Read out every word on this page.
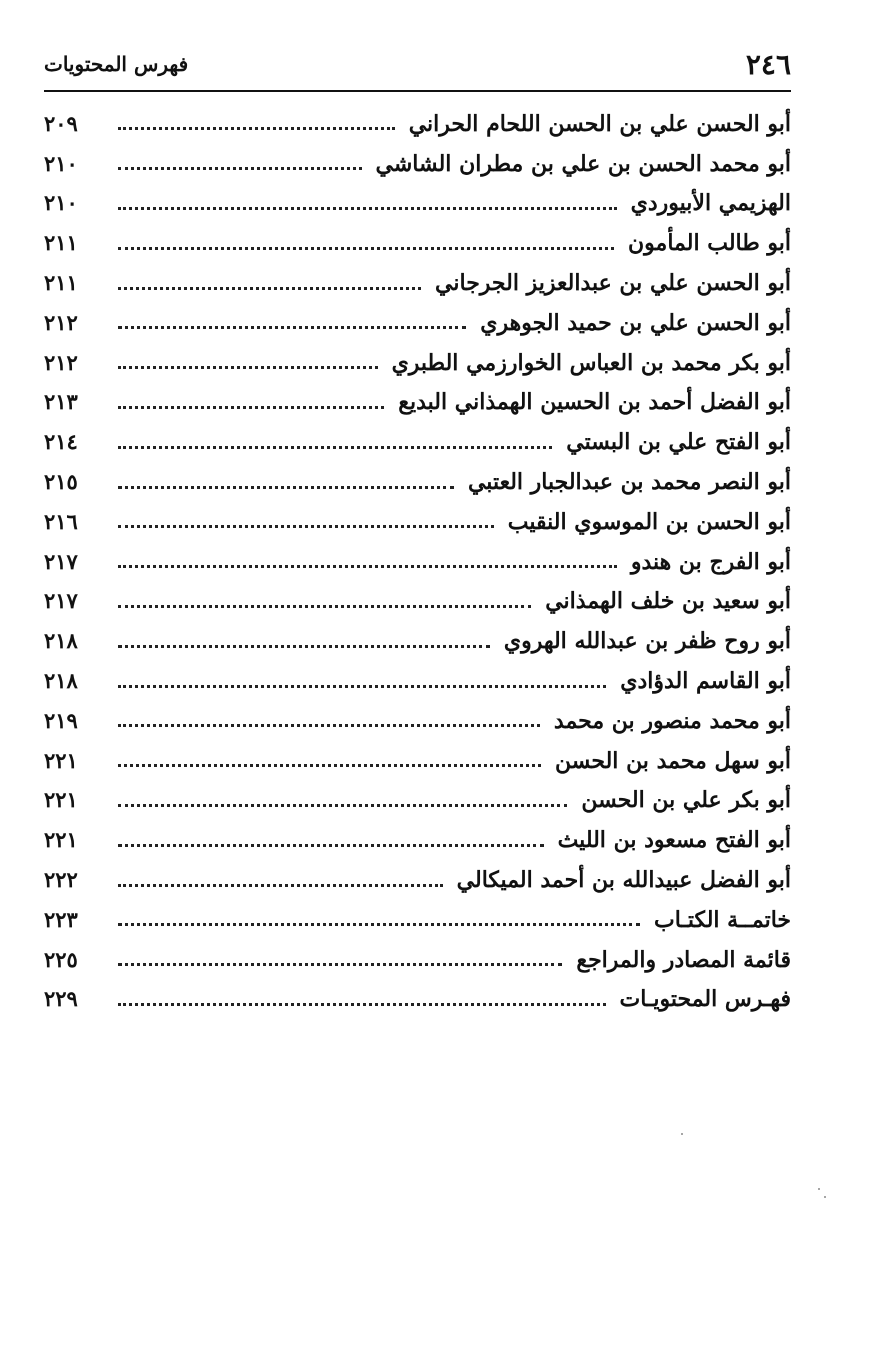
٢٤٦
فهرس المحتويات
أبو الحسن علي بن الحسن اللحام الحراني
٢٠٩
أبو محمد الحسن بن علي بن مطران الشاشي
٢١٠
الهزيمي الأبيوردي
٢١٠
أبو طالب المأمون
٢١١
أبو الحسن علي بن عبدالعزيز الجرجاني
٢١١
أبو الحسن علي بن حميد الجوهري
٢١٢
أبو بكر محمد بن العباس الخوارزمي الطبري
٢١٢
أبو الفضل أحمد بن الحسين الهمذاني البديع
٢١٣
أبو الفتح علي بن البستي
٢١٤
أبو النصر محمد بن عبدالجبار العتبي
٢١٥
أبو الحسن بن الموسوي النقيب
٢١٦
أبو الفرج بن هندو
٢١٧
أبو سعيد بن خلف الهمذاني
٢١٧
أبو روح ظفر بن عبدالله الهروي
٢١٨
أبو القاسم الدؤادي
٢١٨
أبو محمد منصور بن محمد
٢١٩
أبو سهل محمد بن الحسن
٢٢١
أبو بكر علي بن الحسن
٢٢١
أبو الفتح مسعود بن الليث
٢٢١
أبو الفضل عبيدالله بن أحمد الميكالي
٢٢٢
خاتمــة الكتـاب
٢٢٣
قائمة المصادر والمراجع
٢٢٥
فهـرس المحتويـات
٢٢٩
